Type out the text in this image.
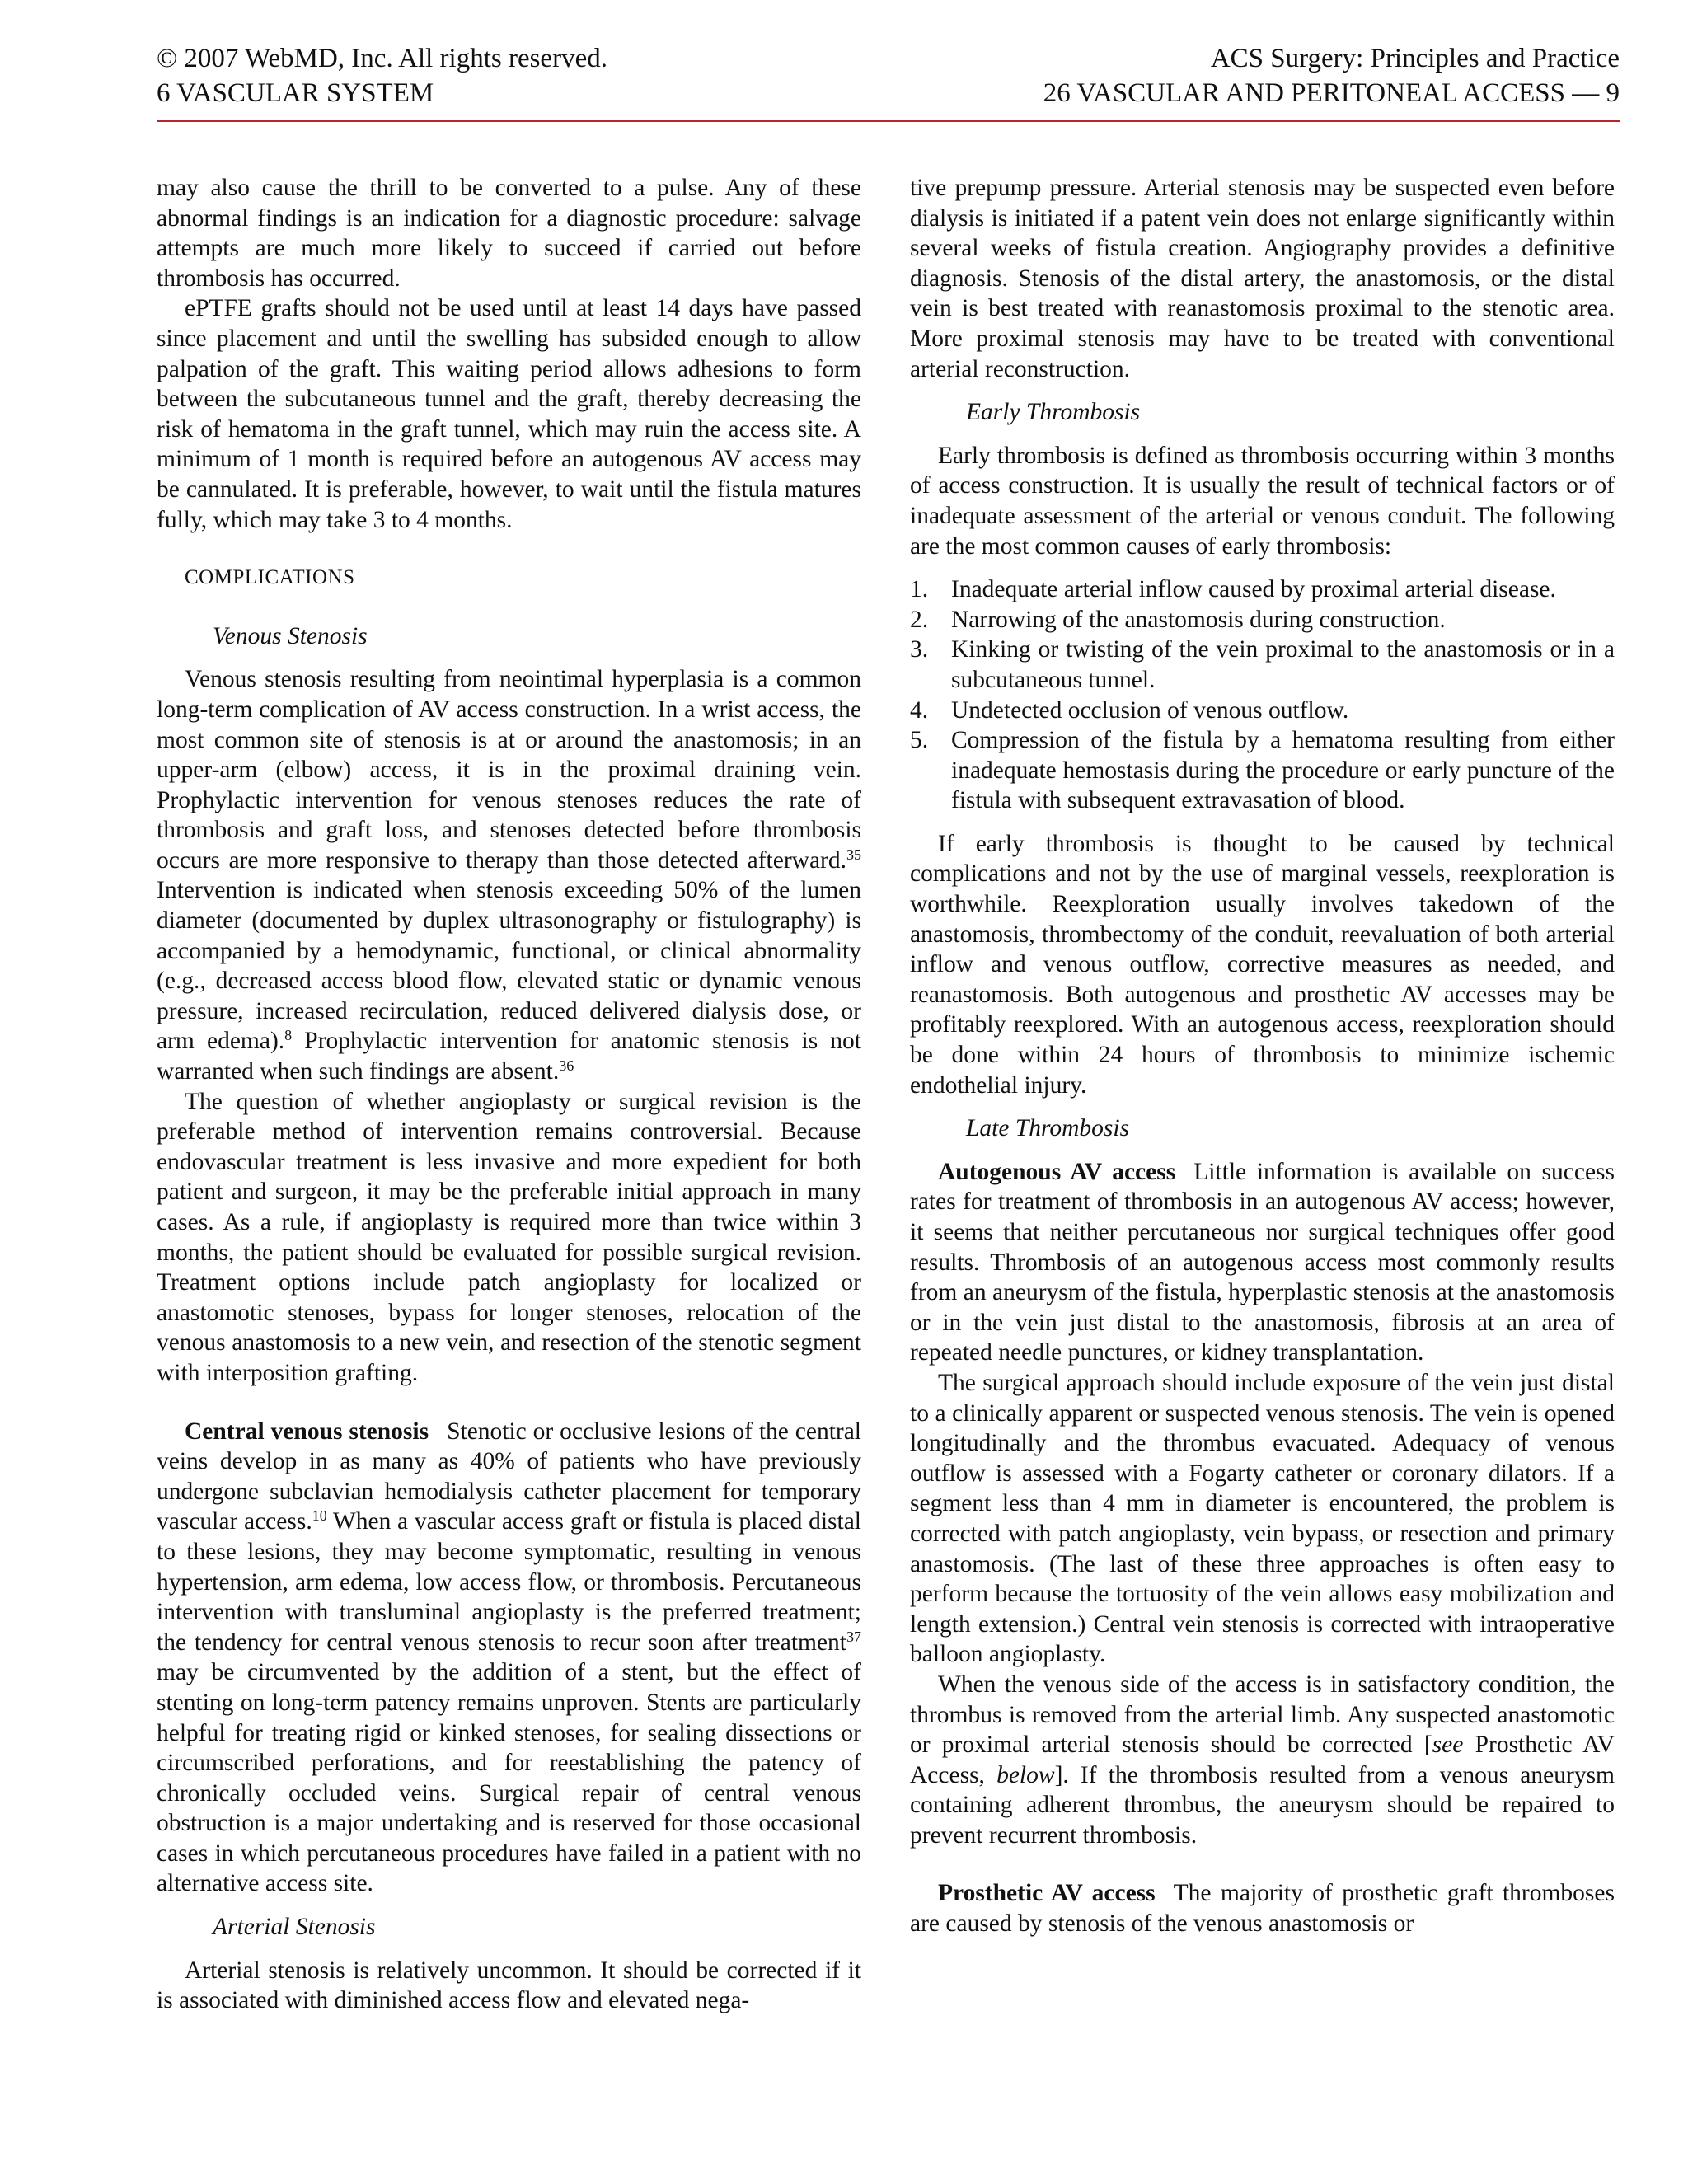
© 2007 WebMD, Inc. All rights reserved.
6 VASCULAR SYSTEM
ACS Surgery: Principles and Practice
26 VASCULAR AND PERITONEAL ACCESS — 9

may also cause the thrill to be converted to a pulse. Any of these abnormal findings is an indication for a diagnostic procedure: salvage attempts are much more likely to succeed if carried out before thrombosis has occurred.

ePTFE grafts should not be used until at least 14 days have passed since placement and until the swelling has subsided enough to allow palpation of the graft. This waiting period allows adhesions to form between the subcutaneous tunnel and the graft, thereby decreasing the risk of hematoma in the graft tunnel, which may ruin the access site. A minimum of 1 month is required before an autogenous AV access may be cannulated. It is preferable, however, to wait until the fistula matures fully, which may take 3 to 4 months.

COMPLICATIONS

Venous Stenosis

Venous stenosis resulting from neointimal hyperplasia is a common long-term complication of AV access construction. In a wrist access, the most common site of stenosis is at or around the anastomosis; in an upper-arm (elbow) access, it is in the proximal draining vein. Prophylactic intervention for venous stenoses reduces the rate of thrombosis and graft loss, and stenoses detected before thrombosis occurs are more responsive to therapy than those detected afterward.$^{35}$ Intervention is indicated when stenosis exceeding 50% of the lumen diameter (documented by duplex ultrasonography or fistulography) is accompanied by a hemodynamic, functional, or clinical abnormality (e.g., decreased access blood flow, elevated static or dynamic venous pressure, increased recirculation, reduced delivered dialysis dose, or arm edema).$^8$ Prophylactic intervention for anatomic stenosis is not warranted when such findings are absent.$^{36}$

The question of whether angioplasty or surgical revision is the preferable method of intervention remains controversial. Because endovascular treatment is less invasive and more expedient for both patient and surgeon, it may be the preferable initial approach in many cases. As a rule, if angioplasty is required more than twice within 3 months, the patient should be evaluated for possible surgical revision. Treatment options include patch angioplasty for localized or anastomotic stenoses, bypass for longer stenoses, relocation of the venous anastomosis to a new vein, and resection of the stenotic segment with interposition grafting.

Central venous stenosis Stenotic or occlusive lesions of the central veins develop in as many as 40% of patients who have previously undergone subclavian hemodialysis catheter placement for temporary vascular access.$^{10}$ When a vascular access graft or fistula is placed distal to these lesions, they may become symptomatic, resulting in venous hypertension, arm edema, low access flow, or thrombosis. Percutaneous intervention with transluminal angioplasty is the preferred treatment; the tendency for central venous stenosis to recur soon after treatment$^{37}$ may be circumvented by the addition of a stent, but the effect of stenting on long-term patency remains unproven. Stents are particularly helpful for treating rigid or kinked stenoses, for sealing dissections or circumscribed perforations, and for reestablishing the patency of chronically occluded veins. Surgical repair of central venous obstruction is a major undertaking and is reserved for those occasional cases in which percutaneous procedures have failed in a patient with no alternative access site.

Arterial Stenosis

Arterial stenosis is relatively uncommon. It should be corrected if it is associated with diminished access flow and elevated nega-

tive prepump pressure. Arterial stenosis may be suspected even before dialysis is initiated if a patent vein does not enlarge significantly within several weeks of fistula creation. Angiography provides a definitive diagnosis. Stenosis of the distal artery, the anastomosis, or the distal vein is best treated with reanastomosis proximal to the stenotic area. More proximal stenosis may have to be treated with conventional arterial reconstruction.

Early Thrombosis

Early thrombosis is defined as thrombosis occurring within 3 months of access construction. It is usually the result of technical factors or of inadequate assessment of the arterial or venous conduit. The following are the most common causes of early thrombosis:

1. Inadequate arterial inflow caused by proximal arterial disease.
2. Narrowing of the anastomosis during construction.
3. Kinking or twisting of the vein proximal to the anastomosis or in a subcutaneous tunnel.
4. Undetected occlusion of venous outflow.
5. Compression of the fistula by a hematoma resulting from either inadequate hemostasis during the procedure or early puncture of the fistula with subsequent extravasation of blood.

If early thrombosis is thought to be caused by technical complications and not by the use of marginal vessels, reexploration is worthwhile. Reexploration usually involves takedown of the anastomosis, thrombectomy of the conduit, reevaluation of both arterial inflow and venous outflow, corrective measures as needed, and reanastomosis. Both autogenous and prosthetic AV accesses may be profitably reexplored. With an autogenous access, reexploration should be done within 24 hours of thrombosis to minimize ischemic endothelial injury.

Late Thrombosis

Autogenous AV access Little information is available on success rates for treatment of thrombosis in an autogenous AV access; however, it seems that neither percutaneous nor surgical techniques offer good results. Thrombosis of an autogenous access most commonly results from an aneurysm of the fistula, hyperplastic stenosis at the anastomosis or in the vein just distal to the anastomosis, fibrosis at an area of repeated needle punctures, or kidney transplantation.

The surgical approach should include exposure of the vein just distal to a clinically apparent or suspected venous stenosis. The vein is opened longitudinally and the thrombus evacuated. Adequacy of venous outflow is assessed with a Fogarty catheter or coronary dilators. If a segment less than 4 mm in diameter is encountered, the problem is corrected with patch angioplasty, vein bypass, or resection and primary anastomosis. (The last of these three approaches is often easy to perform because the tortuosity of the vein allows easy mobilization and length extension.) Central vein stenosis is corrected with intraoperative balloon angioplasty.

When the venous side of the access is in satisfactory condition, the thrombus is removed from the arterial limb. Any suspected anastomotic or proximal arterial stenosis should be corrected [see Prosthetic AV Access, below]. If the thrombosis resulted from a venous aneurysm containing adherent thrombus, the aneurysm should be repaired to prevent recurrent thrombosis.

Prosthetic AV access The majority of prosthetic graft thromboses are caused by stenosis of the venous anastomosis or
